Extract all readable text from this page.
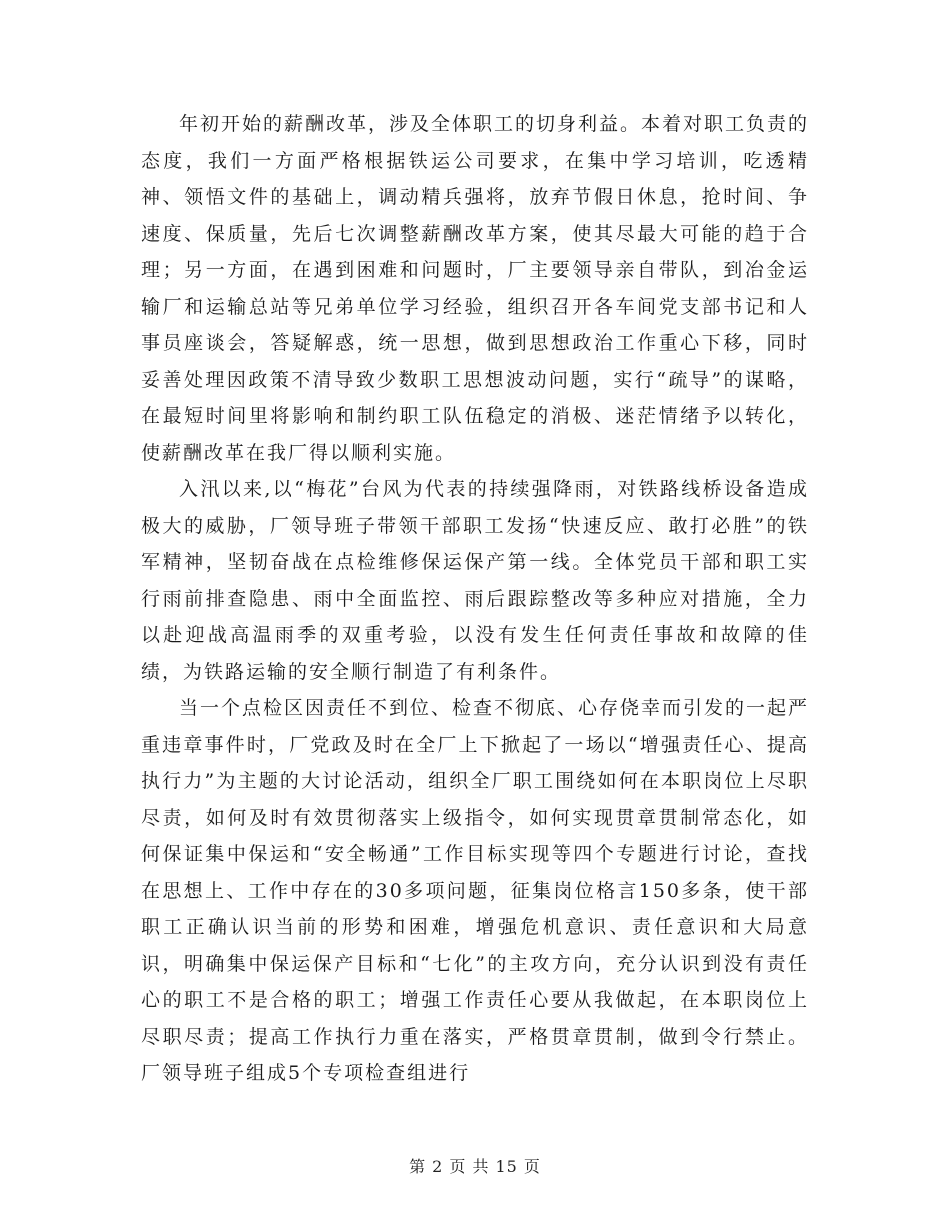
年初开始的薪酬改革，涉及全体职工的切身利益。本着对职工负责的态度，我们一方面严格根据铁运公司要求，在集中学习培训，吃透精神、领悟文件的基础上，调动精兵强将，放弃节假日休息，抢时间、争速度、保质量，先后七次调整薪酬改革方案，使其尽最大可能的趋于合理；另一方面，在遇到困难和问题时，厂主要领导亲自带队，到冶金运输厂和运输总站等兄弟单位学习经验，组织召开各车间党支部书记和人事员座谈会，答疑解惑，统一思想，做到思想政治工作重心下移，同时妥善处理因政策不清导致少数职工思想波动问题，实行“疏导”的谋略，在最短时间里将影响和制约职工队伍稳定的消极、迷茫情绪予以转化，使薪酬改革在我厂得以顺利实施。

入汛以来,以“梅花”台风为代表的持续强降雨，对铁路线桥设备造成极大的威胁，厂领导班子带领干部职工发扬“快速反应、敢打必胜”的铁军精神，坚韧奋战在点检维修保运保产第一线。全体党员干部和职工实行雨前排查隐患、雨中全面监控、雨后跟踪整改等多种应对措施，全力以赴迎战高温雨季的双重考验，以没有发生任何责任事故和故障的佳绩，为铁路运输的安全顺行制造了有利条件。

当一个点检区因责任不到位、检查不彻底、心存侥幸而引发的一起严重违章事件时，厂党政及时在全厂上下掀起了一场以“增强责任心、提高执行力”为主题的大讨论活动，组织全厂职工围绕如何在本职岗位上尽职尽责，如何及时有效贯彻落实上级指令，如何实现贯章贯制常态化，如何保证集中保运和“安全畅通”工作目标实现等四个专题进行讨论，查找在思想上、工作中存在的30多项问题，征集岗位格言150多条，使干部职工正确认识当前的形势和困难，增强危机意识、责任意识和大局意识，明确集中保运保产目标和“七化”的主攻方向，充分认识到没有责任心的职工不是合格的职工；增强工作责任心要从我做起，在本职岗位上尽职尽责；提高工作执行力重在落实，严格贯章贯制，做到令行禁止。厂领导班子组成5个专项检查组进行

第 2 页 共 15 页
